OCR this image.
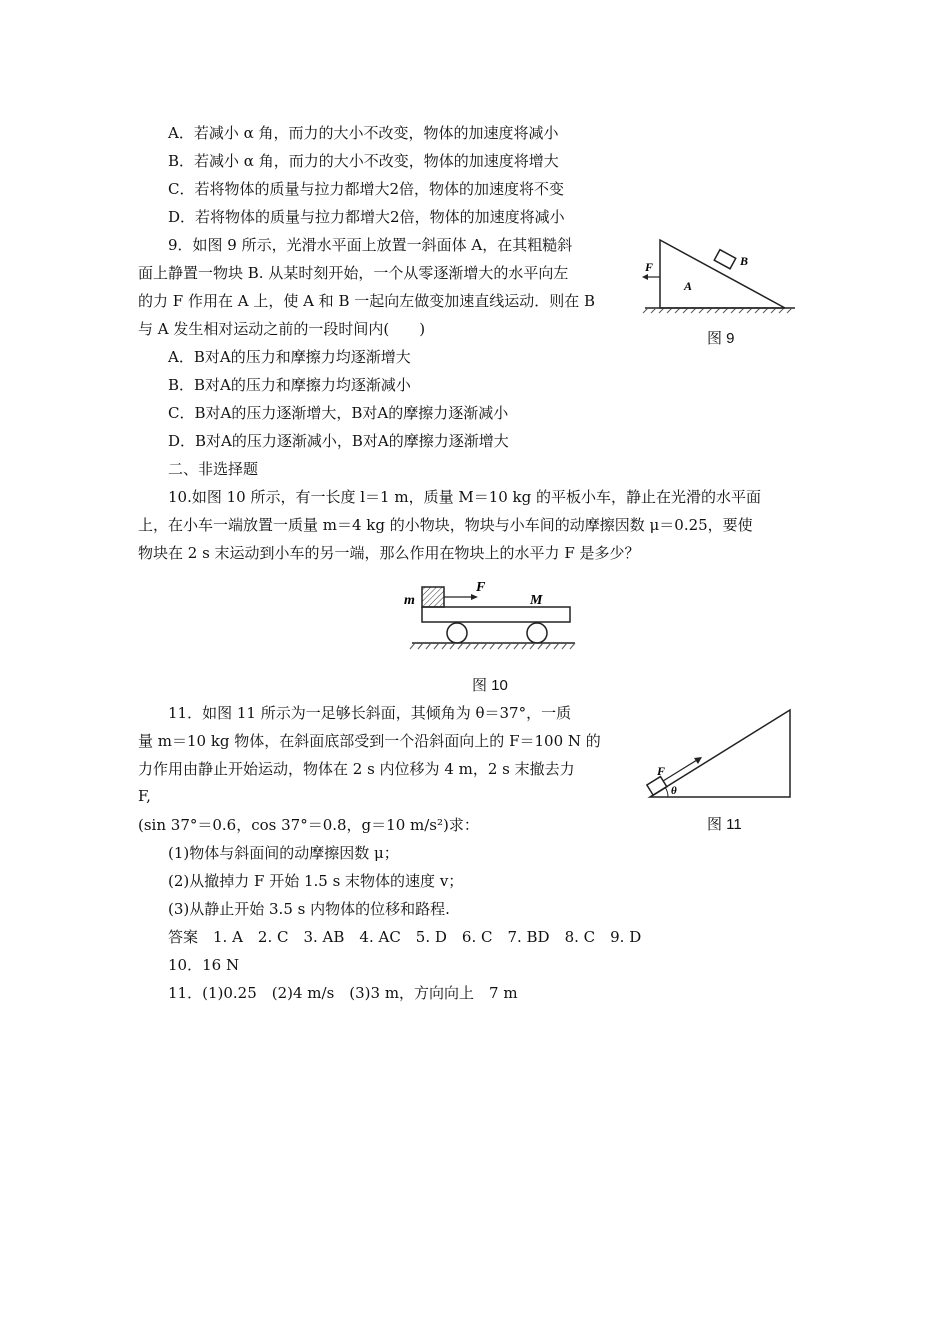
A．若减小 α 角，而力的大小不改变，物体的加速度将减小
B．若减小 α 角，而力的大小不改变，物体的加速度将增大
C．若将物体的质量与拉力都增大2倍，物体的加速度将不变
D．若将物体的质量与拉力都增大2倍，物体的加速度将减小
9．如图 9 所示，光滑水平面上放置一斜面体 A，在其粗糙斜
面上静置一物块 B. 从某时刻开始，一个从零逐渐增大的水平向左
的力 F 作用在 A 上，使 A 和 B 一起向左做变加速直线运动．则在 B
与 A 发生相对运动之前的一段时间内(　　)
A．B对A的压力和摩擦力均逐渐增大
B．B对A的压力和摩擦力均逐渐减小
C．B对A的压力逐渐增大，B对A的摩擦力逐渐减小
D．B对A的压力逐渐减小，B对A的摩擦力逐渐增大
F
A
B
图 9
二、非选择题
10.如图 10 所示，有一长度 l＝1 m，质量 M＝10 kg 的平板小车，静止在光滑的水平面
上，在小车一端放置一质量 m＝4 kg 的小物块，物块与小车间的动摩擦因数 μ＝0.25，要使
物块在 2 s 末运动到小车的另一端，那么作用在物块上的水平力 F 是多少？
m
F
M
图 10
11．如图 11 所示为一足够长斜面，其倾角为 θ＝37°，一质
量 m＝10 kg 物体，在斜面底部受到一个沿斜面向上的 F＝100 N 的
力作用由静止开始运动，物体在 2 s 内位移为 4 m，2 s 末撤去力
F,
(sin 37°＝0.6，cos 37°＝0.8，g＝10 m/s²)求：
(1)物体与斜面间的动摩擦因数 μ；
(2)从撤掉力 F 开始 1.5 s 末物体的速度 v；
(3)从静止开始 3.5 s 内物体的位移和路程.
F
θ
图 11
答案　1. A　2. C　3. AB　4. AC　5. D　6. C　7. BD　8. C　9. D
10．16 N
11．(1)0.25　(2)4 m/s　(3)3 m，方向向上　7 m
